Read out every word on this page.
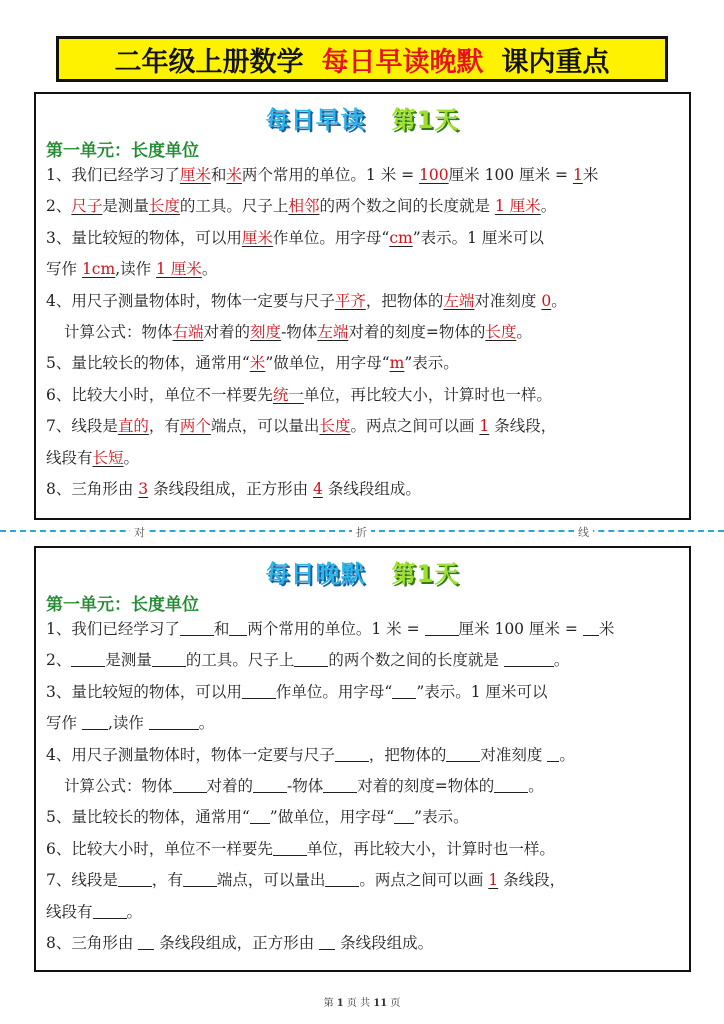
二年级上册数学 每日早读晚默 课内重点
每日早读 第1天
第一单元：长度单位
1、我们已经学习了厘米和米两个常用的单位。1 米 = 100厘米 100 厘米 = 1米
2、尺子是测量长度的工具。尺子上相邻的两个数之间的长度就是 1 厘米。
3、量比较短的物体，可以用厘米作单位。用字母“cm”表示。1 厘米可以
写作 1cm,读作 1 厘米。
4、用尺子测量物体时，物体一定要与尺子平齐，把物体的左端对准刻度 0。
计算公式：物体右端对着的刻度-物体左端对着的刻度=物体的长度。
5、量比较长的物体，通常用“米”做单位，用字母“m”表示。
6、比较大小时，单位不一样要先统一单位，再比较大小，计算时也一样。
7、线段是直的，有两个端点，可以量出长度。两点之间可以画 1 条线段，
线段有长短。
8、三角形由 3 条线段组成，正方形由 4 条线段组成。
对	折	线
每日晚默 第1天
第一单元：长度单位
1、我们已经学习了 和 两个常用的单位。1 米 = 厘米 100 厘米 = 米
2、 是测量 的工具。尺子上 的两个数之间的长度就是	。
3、量比较短的物体，可以用 作单位。用字母“ ”表示。1 厘米可以
写作 ,读作	。
4、用尺子测量物体时，物体一定要与尺子 ，把物体的 对准刻度 。
计算公式：物体 对着的 -物体 对着的刻度=物体的 。
5、量比较长的物体，通常用“ ”做单位，用字母“ ”表示。
6、比较大小时，单位不一样要先 单位，再比较大小，计算时也一样。
7、线段是 ，有 端点，可以量出 。两点之间可以画 1 条线段，
线段有 。
8、三角形由  条线段组成，正方形由  条线段组成。
第 1 页 共 11 页
